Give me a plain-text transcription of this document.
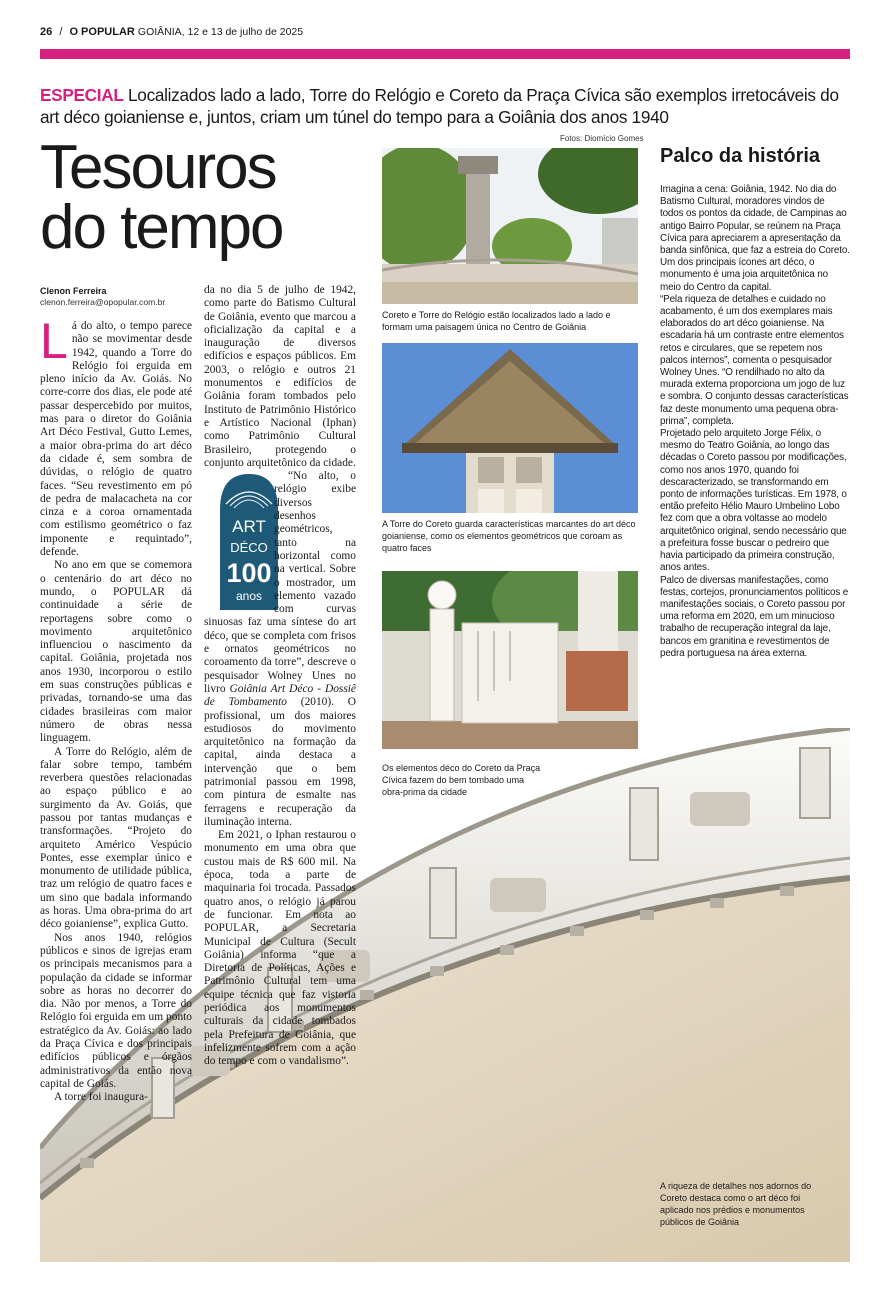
26 / O POPULAR GOIÂNIA, 12 e 13 de julho de 2025
ESPECIAL Localizados lado a lado, Torre do Relógio e Coreto da Praça Cívica são exemplos irretocáveis do art déco goianiense e, juntos, criam um túnel do tempo para a Goiânia dos anos 1940
Fotos: Diomício Gomes
Tesouros
do tempo
Clenon Ferreira
clenon.ferreira@opopular.com.br

L á do alto, o tempo parece não se movimentar desde 1942, quando a Torre do Relógio foi erguida em pleno início da Av. Goiás. No corre-corre dos dias, ele pode até passar despercebido por muitos, mas para o diretor do Goiânia Art Déco Festival, Gutto Lemes, a maior obra-prima do art déco da cidade é, sem sombra de dúvidas, o relógio de quatro faces. “Seu revestimento em pó de pedra de malacacheta na cor cinza e a coroa ornamentada com estilismo geométrico o faz imponente e requintado”, defende.

No ano em que se comemora o centenário do art déco no mundo, o POPULAR dá continuidade a série de reportagens sobre como o movimento arquitetônico influenciou o nascimento da capital. Goiânia, projetada nos anos 1930, incorporou o estilo em suas construções públicas e privadas, tornando-se uma das cidades brasileiras com maior número de obras nessa linguagem.

A Torre do Relógio, além de falar sobre tempo, também reverbera questões relacionadas ao espaço público e ao surgimento da Av. Goiás, que passou por tantas mudanças e transformações. “Projeto do arquiteto Américo Vespúcio Pontes, esse exemplar único e monumento de utilidade pública, traz um relógio de quatro faces e um sino que badala informando as horas. Uma obra-prima do art déco goianiense”, explica Gutto.

Nos anos 1940, relógios públicos e sinos de igrejas eram os principais mecanismos para a população da cidade se informar sobre as horas no decorrer do dia. Não por menos, a Torre do Relógio foi erguida em um ponto estratégico da Av. Goiás: ao lado da Praça Cívica e dos principais edifícios públicos e órgãos administrativos da então nova capital de Goiás.

A torre foi inaugura-

da no dia 5 de julho de 1942, como parte do Batismo Cultural de Goiânia, evento que marcou a oficialização da capital e a inauguração de diversos edifícios e espaços públicos. Em 2003, o relógio e outros 21 monumentos e edifícios de Goiânia foram tombados pelo Instituto de Patrimônio Histórico e Artístico Nacional (Iphan) como Patrimônio Cultural Brasileiro, protegendo o conjunto arquitetônico da cidade.

ART
DÉCO
100
anos
“No alto, o relógio exibe diversos desenhos geométricos, tanto na horizontal como na vertical. Sobre o mostrador, um elemento vazado com curvas sinuosas faz uma síntese do art déco, que se completa com frisos e ornatos geométricos no coroamento da torre”, descreve o pesquisador Wolney Unes no livro Goiânia Art Déco - Dossiê de Tombamento (2010). O profissional, um dos maiores estudiosos do movimento arquitetônico na formação da capital, ainda destaca a intervenção que o bem patrimonial passou em 1998, com pintura de esmalte nas ferragens e recuperação da iluminação interna.

Em 2021, o Iphan restaurou o monumento em uma obra que custou mais de R$ 600 mil. Na época, toda a parte de maquinaria foi trocada. Passados quatro anos, o relógio já parou de funcionar. Em nota ao POPULAR, a Secretaria Municipal de Cultura (Secult Goiânia) informa “que a Diretoria de Políticas, Ações e Patrimônio Cultural tem uma equipe técnica que faz vistoria periódica aos monumentos culturais da cidade tombados pela Prefeitura de Goiânia, que infelizmente sofrem com a ação do tempo e com o vandalismo”.

Coreto e Torre do Relógio estão localizados lado a lado e formam uma paisagem única no Centro de Goiânia
A Torre do Coreto guarda características marcantes do art déco goianiense, como os elementos geométricos que coroam as quatro faces
Os elementos déco do Coreto da Praça Cívica fazem do bem tombado uma obra-prima da cidade
A riqueza de detalhes nos adornos do Coreto destaca como o art déco foi aplicado nos prédios e monumentos públicos de Goiânia
Palco da história

Imagina a cena: Goiânia, 1942. No dia do Batismo Cultural, moradores vindos de todos os pontos da cidade, de Campinas ao antigo Bairro Popular, se reúnem na Praça Cívica para apreciarem a apresentação da banda sinfônica, que faz a estreia do Coreto. Um dos principais ícones art déco, o monumento é uma joia arquitetônica no meio do Centro da capital.

“Pela riqueza de detalhes e cuidado no acabamento, é um dos exemplares mais elaborados do art déco goianiense. Na escadaria há um contraste entre elementos retos e circulares, que se repetem nos palcos internos”, comenta o pesquisador Wolney Unes. “O rendilhado no alto da murada externa proporciona um jogo de luz e sombra. O conjunto dessas características faz deste monumento uma pequena obra-prima”, completa.

Projetado pelo arquiteto Jorge Félix, o mesmo do Teatro Goiânia, ao longo das décadas o Coreto passou por modificações, como nos anos 1970, quando foi descaracterizado, se transformando em ponto de informações turísticas. Em 1978, o então prefeito Hélio Mauro Umbelino Lobo fez com que a obra voltasse ao modelo arquitetônico original, sendo necessário que a prefeitura fosse buscar o pedreiro que havia participado da primeira construção, anos antes.

Palco de diversas manifestações, como festas, cortejos, pronunciamentos políticos e manifestações sociais, o Coreto passou por uma reforma em 2020, em um minucioso trabalho de recuperação integral da laje, bancos em granitina e revestimentos de pedra portuguesa na área externa.
